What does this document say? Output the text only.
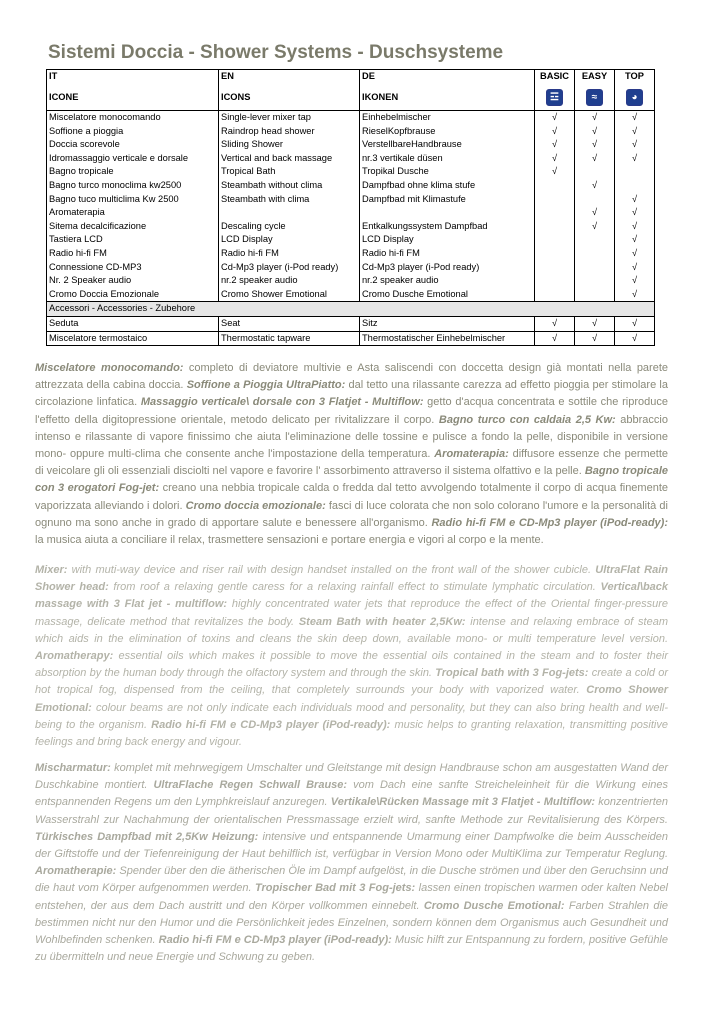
Sistemi Doccia - Shower Systems - Duschsysteme
IT	EN	DE	BASIC	EASY	TOP
ICONE	ICONS	IKONEN	☲	≈	◕
Miscelatore monocomando	Single-lever mixer tap	Einhebelmischer	√	√	√
Soffione a pioggia	Raindrop head shower	RieselKopfbrause	√	√	√
Doccia scorevole	Sliding Shower	VerstellbareHandbrause	√	√	√
Idromassaggio verticale e dorsale	Vertical and back massage	nr.3 vertikale düsen	√	√	√
Bagno tropicale	Tropical Bath	Tropikal Dusche	√		
Bagno turco monoclima kw2500	Steambath without clima	Dampfbad ohne klima stufe		√	
Bagno tuco multiclima Kw 2500	Steambath with clima	Dampfbad mit Klimastufe			√
Aromaterapia				√	√
Sitema decalcificazione	Descaling cycle	Entkalkungssystem Dampfbad		√	√
Tastiera LCD	LCD Display	LCD Display			√
Radio hi-fi FM	Radio hi-fi FM	Radio hi-fi FM			√
Connessione CD-MP3	Cd-Mp3 player (i-Pod ready)	Cd-Mp3 player (i-Pod ready)			√
Nr. 2 Speaker audio	nr.2 speaker audio	nr.2 speaker audio			√
Cromo Doccia Emozionale	Cromo Shower Emotional	Cromo Dusche Emotional			√
Accessori - Accessories - Zubehore					
Seduta	Seat	Sitz	√	√	√
Miscelatore termostaico	Thermostatic tapware	Thermostatischer Einhebelmischer	√	√	√
Miscelatore monocomando: completo di deviatore multivie e Asta saliscendi con doccetta design già montati nella parete attrezzata della cabina doccia. Soffione a Pioggia UltraPiatto: dal tetto una rilassante carezza ad effetto pioggia per stimolare la circolazione linfatica. Massaggio verticale\ dorsale con 3 Flatjet - Multiflow: getto d'acqua concentrata e sottile che riproduce l'effetto della digitopressione orientale, metodo delicato per rivitalizzare il corpo. Bagno turco con caldaia 2,5 Kw: abbraccio intenso e rilassante di vapore finissimo che aiuta l'eliminazione delle tossine e pulisce a fondo la pelle, disponibile in versione mono- oppure multi-clima che consente anche l'impostazione della temperatura. Aromaterapia: diffusore essenze che permette di veicolare gli oli essenziali disciolti nel vapore e favorire l' assorbimento attraverso il sistema olfattivo e la pelle. Bagno tropicale con 3 erogatori Fog-jet: creano una nebbia tropicale calda o fredda dal tetto avvolgendo totalmente il corpo di acqua finemente vaporizzata alleviando i dolori. Cromo doccia emozionale: fasci di luce colorata che non solo colorano l'umore e la personalità di ognuno ma sono anche in grado di apportare salute e benessere all'organismo. Radio hi-fi FM e CD-Mp3 player (iPod-ready): la musica aiuta a conciliare il relax, trasmettere sensazioni e portare energia e vigori al corpo e la mente.
Mixer: with muti-way device and riser rail with design handset installed on the front wall of the shower cubicle. UltraFlat Rain Shower head: from roof a relaxing gentle caress for a relaxing rainfall effect to stimulate lymphatic circulation. Vertical\back massage with 3 Flat jet - multiflow: highly concentrated water jets that reproduce the effect of the Oriental finger-pressure massage, delicate method that revitalizes the body. Steam Bath with heater 2,5Kw: intense and relaxing embrace of steam which aids in the elimination of toxins and cleans the skin deep down, available mono- or multi temperature level version. Aromatherapy: essential oils which makes it possible to move the essential oils contained in the steam and to foster their absorption by the human body through the olfactory system and through the skin. Tropical bath with 3 Fog-jets: create a cold or hot tropical fog, dispensed from the ceiling, that completely surrounds your body with vaporized water. Cromo Shower Emotional: colour beams are not only indicate each individuals mood and personality, but they can also bring health and well-being to the organism. Radio hi-fi FM e CD-Mp3 player (iPod-ready): music helps to granting relaxation, transmitting positive feelings and bring back energy and vigour.
Mischarmatur: komplet mit mehrwegigem Umschalter und Gleitstange mit design Handbrause schon am ausgestatten Wand der Duschkabine montiert. UltraFlache Regen Schwall Brause: vom Dach eine sanfte Streicheleinheit für die Wirkung eines entspannenden Regens um den Lymphkreislauf anzuregen. Vertikale\Rücken Massage mit 3 Flatjet - Multiflow: konzentrierten Wasserstrahl zur Nachahmung der orientalischen Pressmassage erzielt wird, sanfte Methode zur Revitalisierung des Körpers. Türkisches Dampfbad mit 2,5Kw Heizung: intensive und entspannende Umarmung einer Dampfwolke die beim Ausscheiden der Giftstoffe und der Tiefenreinigung der Haut behilflich ist, verfügbar in Version Mono oder MultiKlima zur Temperatur Reglung. Aromatherapie: Spender über den die ätherischen Öle im Dampf aufgelöst, in die Dusche strömen und über den Geruchsinn und die haut vom Körper aufgenommen werden. Tropischer Bad mit 3 Fog-jets: lassen einen tropischen warmen oder kalten Nebel entstehen, der aus dem Dach austritt und den Körper vollkommen einnebelt. Cromo Dusche Emotional: Farben Strahlen die bestimmen nicht nur den Humor und die Persönlichkeit jedes Einzelnen, sondern können dem Organismus auch Gesundheit und Wohlbefinden schenken. Radio hi-fi FM e CD-Mp3 player (iPod-ready): Music hilft zur Entspannung zu fordern, positive Gefühle zu übermitteln und neue Energie und Schwung zu geben.
